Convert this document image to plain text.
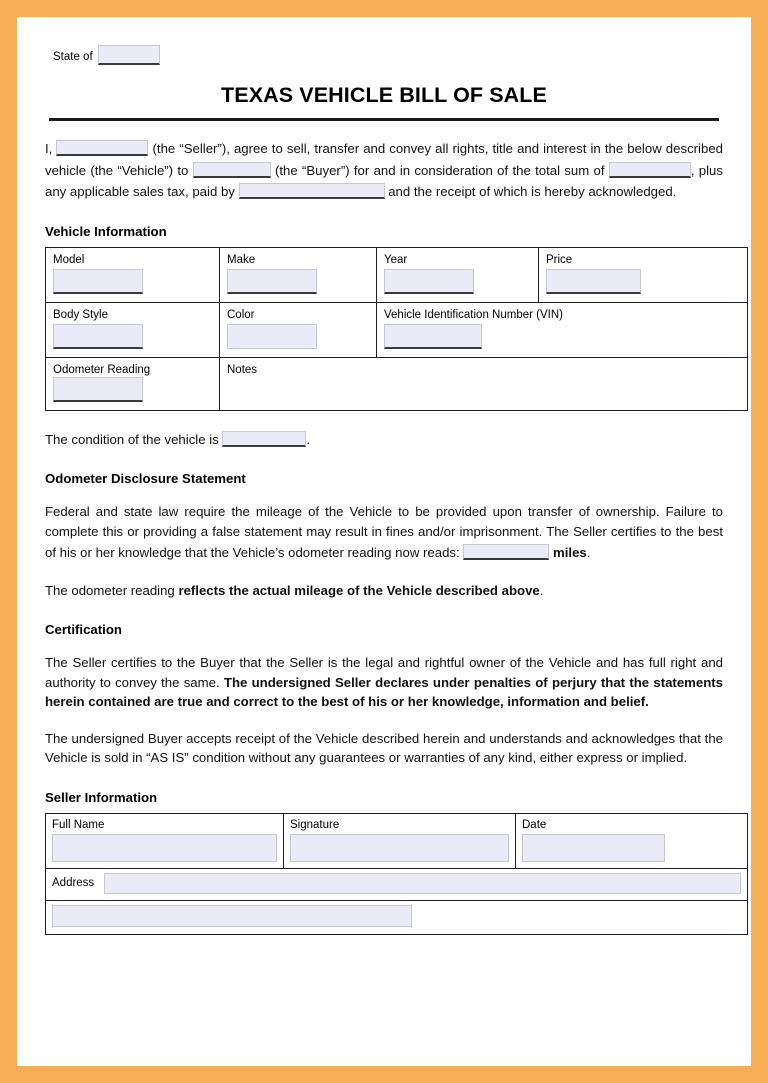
State of
TEXAS VEHICLE BILL OF SALE

I,	(the “Seller”), agree to sell, transfer and convey all rights, title and interest in the below described vehicle (the “Vehicle”) to	(the “Buyer”) for and in consideration of the total sum of	, plus any applicable sales tax, paid by	and the receipt of which is hereby acknowledged.

Vehicle Information
Model	Make	Year	Price

Body Style	Color	Vehicle Identification Number (VIN)	

Odometer Reading	Notes		

The condition of the vehicle is	.

Odometer Disclosure Statement

Federal and state law require the mileage of the Vehicle to be provided upon transfer of ownership. Failure to complete this or providing a false statement may result in fines and/or imprisonment. The Seller certifies to the best of his or her knowledge that the Vehicle’s odometer reading now reads:	miles.

The odometer reading reflects the actual mileage of the Vehicle described above.

Certification

The Seller certifies to the Buyer that the Seller is the legal and rightful owner of the Vehicle and has full right and authority to convey the same. The undersigned Seller declares under penalties of perjury that the statements herein contained are true and correct to the best of his or her knowledge, information and belief.

The undersigned Buyer accepts receipt of the Vehicle described herein and understands and acknowledges that the Vehicle is sold in “AS IS” condition without any guarantees or warranties of any kind, either express or implied.

Seller Information
Full Name	Signature	Date

Address
